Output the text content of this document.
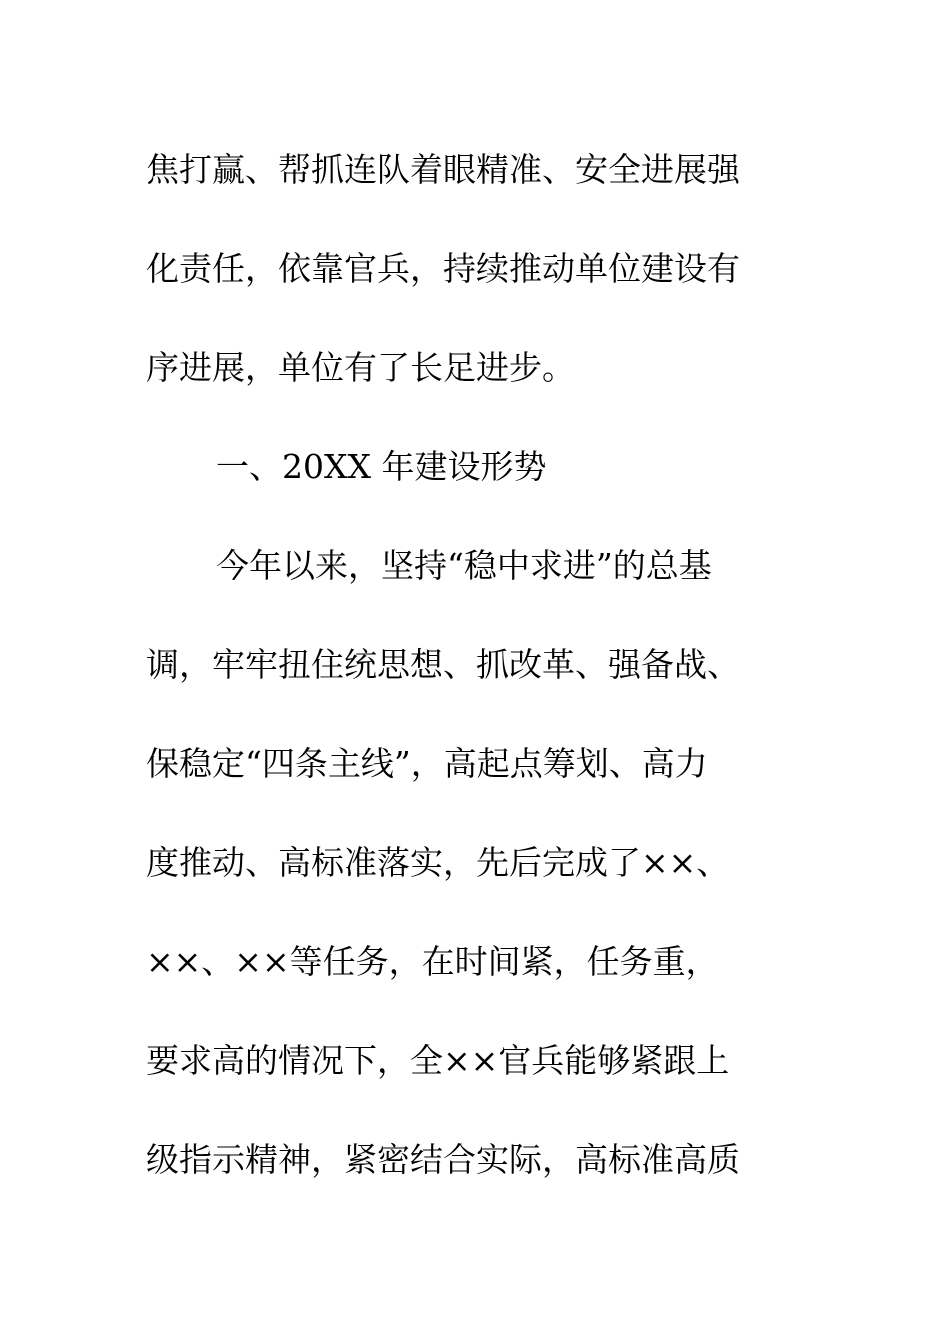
焦打赢、帮抓连队着眼精准、安全进展强
化责任，依靠官兵，持续推动单位建设有
序进展，单位有了长足进步。
一、20XX 年建设形势
今年以来，坚持“稳中求进”的总基
调，牢牢扭住统思想、抓改革、强备战、
保稳定“四条主线”，高起点筹划、高力
度推动、高标准落实，先后完成了××、
××、××等任务，在时间紧，任务重，
要求高的情况下，全××官兵能够紧跟上
级指示精神，紧密结合实际，高标准高质
